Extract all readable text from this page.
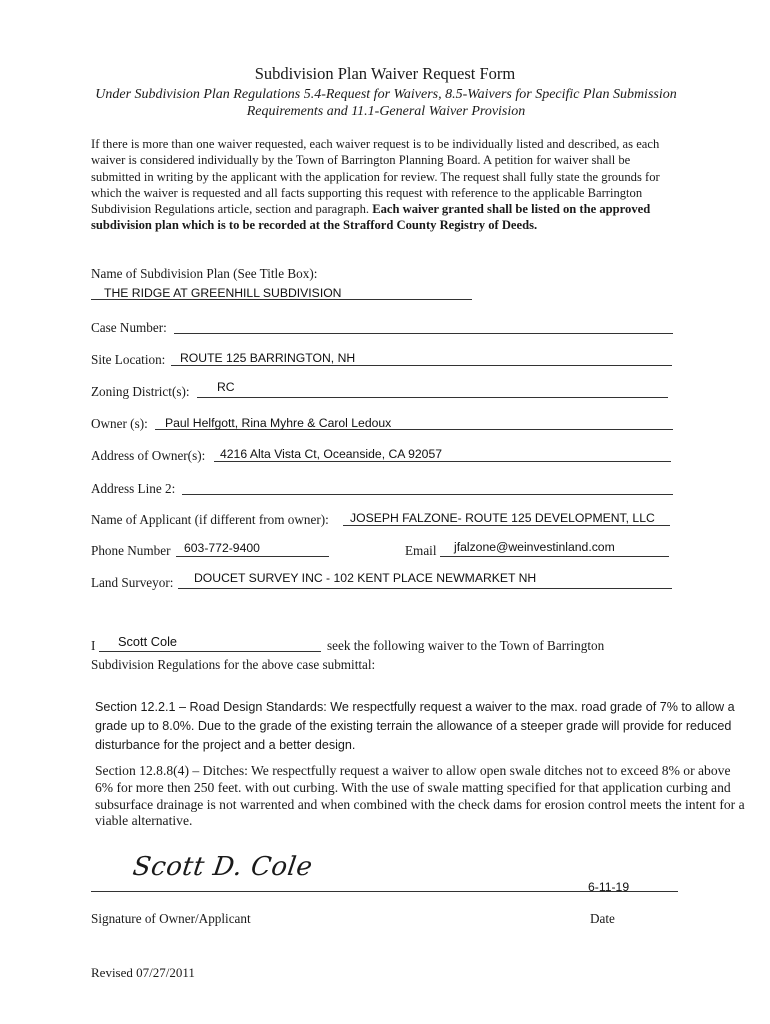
Subdivision Plan Waiver Request Form
Under Subdivision Plan Regulations 5.4-Request for Waivers, 8.5-Waivers for Specific Plan Submission Requirements and 11.1-General Waiver Provision
If there is more than one waiver requested, each waiver request is to be individually listed and described, as each waiver is considered individually by the Town of Barrington Planning Board. A petition for waiver shall be submitted in writing by the applicant with the application for review. The request shall fully state the grounds for which the waiver is requested and all facts supporting this request with reference to the applicable Barrington Subdivision Regulations article, section and paragraph. Each waiver granted shall be listed on the approved subdivision plan which is to be recorded at the Strafford County Registry of Deeds.
Name of Subdivision Plan (See Title Box):
THE RIDGE AT GREENHILL SUBDIVISION
Case Number:
Site Location: ROUTE 125 BARRINGTON, NH
Zoning District(s): RC
Owner (s): Paul Helfgott, Rina Myhre & Carol Ledoux
Address of Owner(s): 4216 Alta Vista Ct, Oceanside, CA 92057
Address Line 2:
Name of Applicant (if different from owner): JOSEPH FALZONE- ROUTE 125 DEVELOPMENT, LLC
Phone Number 603-772-9400	Email jfalzone@weinvestinland.com
Land Surveyor: DOUCET SURVEY INC - 102 KENT PLACE NEWMARKET NH
I Scott Cole	seek the following waiver to the Town of Barrington
Subdivision Regulations for the above case submittal:
Section 12.2.1 – Road Design Standards: We respectfully request a waiver to the max. road grade of 7% to allow a grade up to 8.0%. Due to the grade of the existing terrain the allowance of a steeper grade will provide for reduced disturbance for the project and a better design.
Section 12.8.8(4) – Ditches: We respectfully request a waiver to allow open swale ditches not to exceed 8% or above 6% for more then 250 feet. with out curbing. With the use of swale matting specified for that application curbing and subsurface drainage is not warrented and when combined with the check dams for erosion control meets the intent for a viable alternative.
Scott D. Cole
6-11-19
Signature of Owner/Applicant	Date
Revised 07/27/2011
